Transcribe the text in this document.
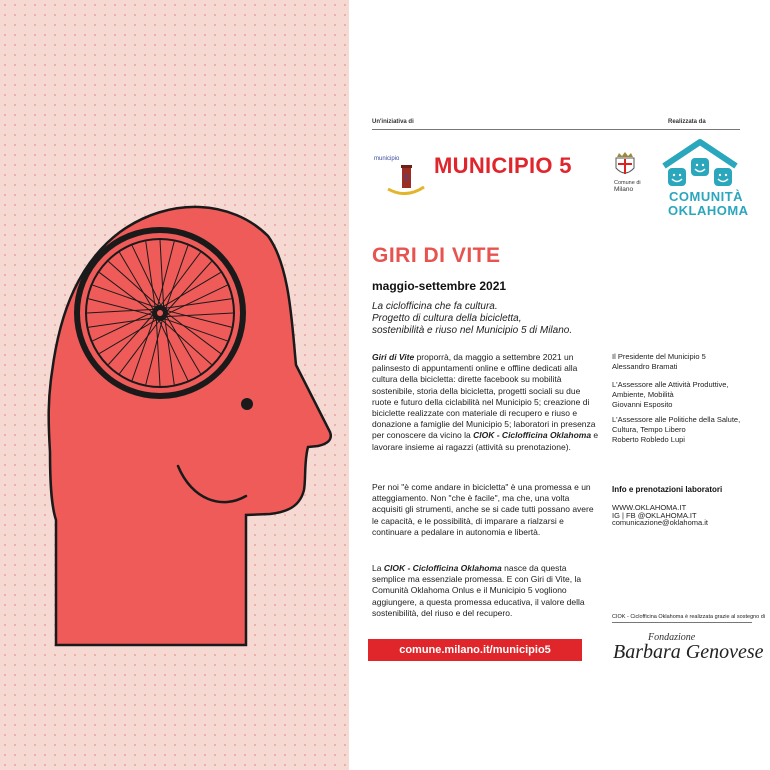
Un'iniziativa di	Realizzata da
municipio
5 MUNICIPIO 5
Comune di
Milano	COMUNITÀ
OKLAHOMA
GIRI DI VITE
maggio-settembre 2021
La ciclofficina che fa cultura.
Progetto di cultura della bicicletta,
sostenibilità e riuso nel Municipio 5 di Milano.
Giri di Vite proporrà, da maggio a settembre 2021 un palinsesto di appuntamenti online e offline dedicati alla cultura della bicicletta: dirette facebook su mobilità sostenibile, storia della bicicletta, progetti sociali su due ruote e futuro della ciclabilità nel Municipio 5; creazione di biciclette realizzate con materiale di recupero e riuso e donazione a famiglie del Municipio 5; laboratori in presenza per conoscere da vicino la CIOK - Ciclofficina Oklahoma e lavorare insieme ai ragazzi (attività su prenotazione).
Per noi "è come andare in bicicletta" è una promessa e un atteggiamento. Non "che è facile", ma che, una volta acquisiti gli strumenti, anche se si cade tutti possano avere le capacità, e le possibilità, di imparare a rialzarsi e continuare a pedalare in autonomia e libertà.
La CIOK - Ciclofficina Oklahoma nasce da questa semplice ma essenziale promessa. E con Giri di Vite, la Comunità Oklahoma Onlus e il Municipio 5 vogliono aggiungere, a questa promessa educativa, il valore della sostenibilità, del riuso e del recupero.
Il Presidente del Municipio 5
Alessandro Bramati
L'Assessore alle Attività Produttive, Ambiente, Mobilità
Giovanni Esposito
L'Assessore alle Politiche della Salute, Cultura, Tempo Libero
Roberto Robledo Lupi
Info e prenotazioni laboratori
WWW.OKLAHOMA.IT
IG | FB @OKLAHOMA.IT
comunicazione@oklahoma.it
CIOK - Ciclofficina Oklahoma è realizzata grazie al sostegno di
comune.milano.it/municipio5
Fondazione
Barbara Genovese
